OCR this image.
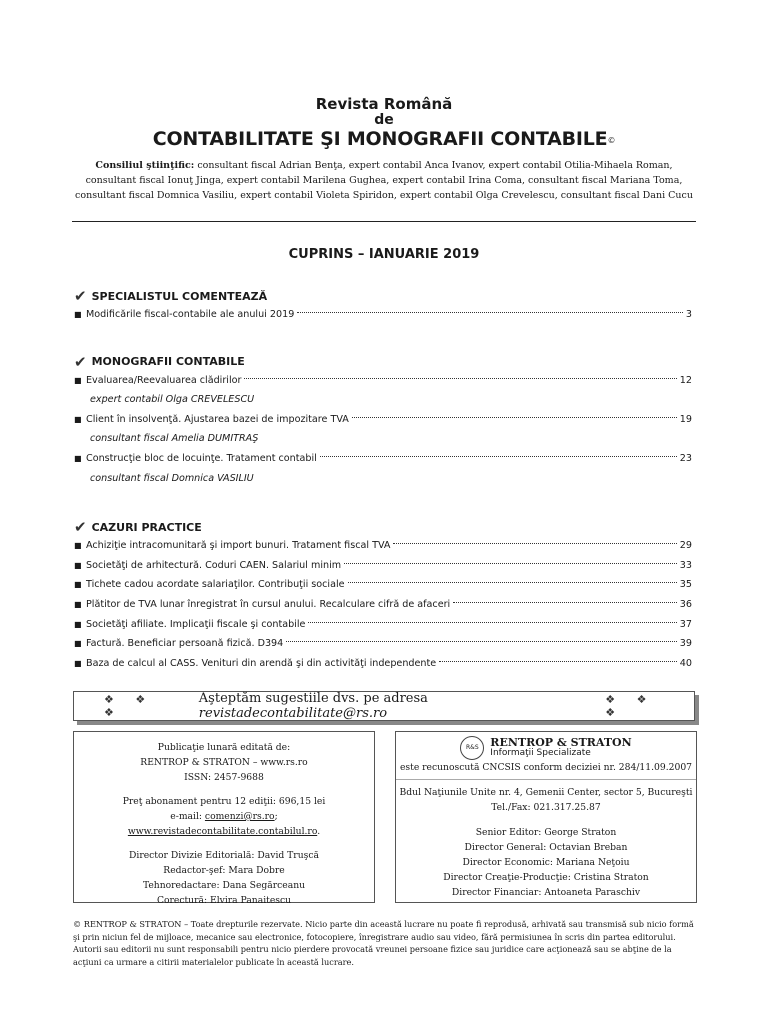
Revista Română
de
CONTABILITATE ŞI MONOGRAFII CONTABILE©
Consiliul ştiinţific: consultant fiscal Adrian Benţa, expert contabil Anca Ivanov, expert contabil Otilia-Mihaela Roman,
consultant fiscal Ionuţ Jinga, expert contabil Marilena Gughea, expert contabil Irina Coma, consultant fiscal Mariana Toma,
consultant fiscal Domnica Vasiliu, expert contabil Violeta Spiridon, expert contabil Olga Crevelescu, consultant fiscal Dani Cucu
CUPRINS – IANUARIE 2019
✔ SPECIALISTUL COMENTEAZĂ
■ Modificările fiscal-contabile ale anului 2019	3
✔ MONOGRAFII CONTABILE
■ Evaluarea/Reevaluarea clădirilor	12
expert contabil Olga CREVELESCU
■ Client în insolvenţă. Ajustarea bazei de impozitare TVA	19
consultant fiscal Amelia DUMITRAŞ
■ Construcţie bloc de locuinţe. Tratament contabil	23
consultant fiscal Domnica VASILIU
✔ CAZURI PRACTICE
■ Achiziţie intracomunitară şi import bunuri. Tratament fiscal TVA	29
■ Societăţi de arhitectură. Coduri CAEN. Salariul minim	33
■ Tichete cadou acordate salariaţilor. Contribuţii sociale	35
■ Plătitor de TVA lunar înregistrat în cursul anului. Recalculare cifră de afaceri	36
■ Societăţi afiliate. Implicaţii fiscale şi contabile	37
■ Factură. Beneficiar persoană fizică. D394	39
■ Baza de calcul al CASS. Venituri din arendă şi din activităţi independente	40
❖ ❖ ❖
Aşteptăm sugestiile dvs. pe adresa revistadecontabilitate@rs.ro
❖ ❖ ❖
Publicaţie lunară editată de:
RENTROP & STRATON – www.rs.ro
ISSN: 2457-9688
Preţ abonament pentru 12 ediţii: 696,15 lei
e-mail: comenzi@rs.ro; www.revistadecontabilitate.contabilul.ro.
Director Divizie Editorială: David Truşcă
Redactor-şef: Mara Dobre
Tehnoredactare: Dana Segărceanu
Corectură: Elvira Panaitescu
R&S	RENTROP & STRATON
Informaţii Specializate
este recunoscută CNCSIS conform deciziei nr. 284/11.09.2007
Bdul Naţiunile Unite nr. 4, Gemenii Center, sector 5, Bucureşti
Tel./Fax: 021.317.25.87
Senior Editor: George Straton
Director General: Octavian Breban
Director Economic: Mariana Neţoiu
Director Creaţie-Producţie: Cristina Straton
Director Financiar: Antoaneta Paraschiv
© RENTROP & STRATON – Toate drepturile rezervate. Nicio parte din această lucrare nu poate fi reprodusă, arhivată sau transmisă sub nicio formă şi prin niciun fel de mijloace, mecanice sau electronice, fotocopiere, înregistrare audio sau video, fără permisiunea în scris din partea editorului. Autorii sau editorii nu sunt responsabili pentru nicio pierdere provocată vreunei persoane fizice sau juridice care acţionează sau se abţine de la acţiuni ca urmare a citirii materialelor publicate în această lucrare.
